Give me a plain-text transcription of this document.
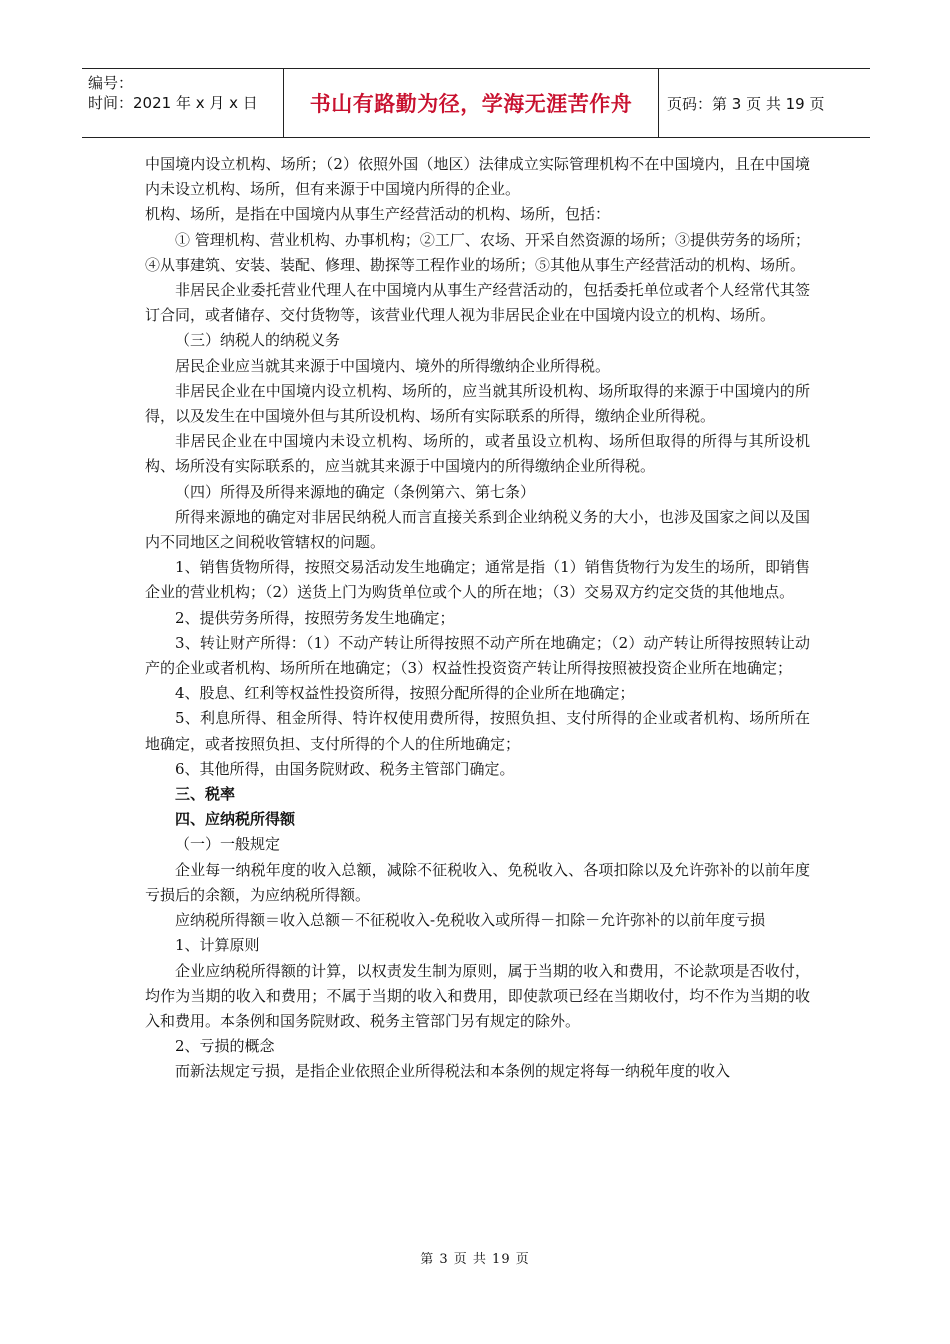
编号：
时间：2021 年 x 月 x 日	书山有路勤为径，学海无涯苦作舟	页码：第 3 页 共 19 页

中国境内设立机构、场所；（2）依照外国（地区）法律成立实际管理机构不在中国境内，且在中国境内未设立机构、场所，但有来源于中国境内所得的企业。

机构、场所，是指在中国境内从事生产经营活动的机构、场所，包括：

① 管理机构、营业机构、办事机构；②工厂、农场、开采自然资源的场所；③提供劳务的场所；④从事建筑、安装、装配、修理、勘探等工程作业的场所；⑤其他从事生产经营活动的机构、场所。

非居民企业委托营业代理人在中国境内从事生产经营活动的，包括委托单位或者个人经常代其签订合同，或者储存、交付货物等，该营业代理人视为非居民企业在中国境内设立的机构、场所。

（三）纳税人的纳税义务

居民企业应当就其来源于中国境内、境外的所得缴纳企业所得税。

非居民企业在中国境内设立机构、场所的，应当就其所设机构、场所取得的来源于中国境内的所得，以及发生在中国境外但与其所设机构、场所有实际联系的所得，缴纳企业所得税。

非居民企业在中国境内未设立机构、场所的，或者虽设立机构、场所但取得的所得与其所设机构、场所没有实际联系的，应当就其来源于中国境内的所得缴纳企业所得税。

（四）所得及所得来源地的确定（条例第六、第七条）

所得来源地的确定对非居民纳税人而言直接关系到企业纳税义务的大小，也涉及国家之间以及国内不同地区之间税收管辖权的问题。

1、销售货物所得，按照交易活动发生地确定；通常是指（1）销售货物行为发生的场所，即销售企业的营业机构；（2）送货上门为购货单位或个人的所在地；（3）交易双方约定交货的其他地点。

2、提供劳务所得，按照劳务发生地确定；

3、转让财产所得：（1）不动产转让所得按照不动产所在地确定；（2）动产转让所得按照转让动产的企业或者机构、场所所在地确定；（3）权益性投资资产转让所得按照被投资企业所在地确定；

4、股息、红利等权益性投资所得，按照分配所得的企业所在地确定；

5、利息所得、租金所得、特许权使用费所得，按照负担、支付所得的企业或者机构、场所所在地确定，或者按照负担、支付所得的个人的住所地确定；

6、其他所得，由国务院财政、税务主管部门确定。

三、税率

四、应纳税所得额

（一）一般规定

企业每一纳税年度的收入总额，减除不征税收入、免税收入、各项扣除以及允许弥补的以前年度亏损后的余额，为应纳税所得额。

应纳税所得额＝收入总额－不征税收入-免税收入或所得－扣除－允许弥补的以前年度亏损

1、计算原则

企业应纳税所得额的计算，以权责发生制为原则，属于当期的收入和费用，不论款项是否收付，均作为当期的收入和费用；不属于当期的收入和费用，即使款项已经在当期收付，均不作为当期的收入和费用。本条例和国务院财政、税务主管部门另有规定的除外。

2、亏损的概念

而新法规定亏损，是指企业依照企业所得税法和本条例的规定将每一纳税年度的收入

第 3 页 共 19 页
